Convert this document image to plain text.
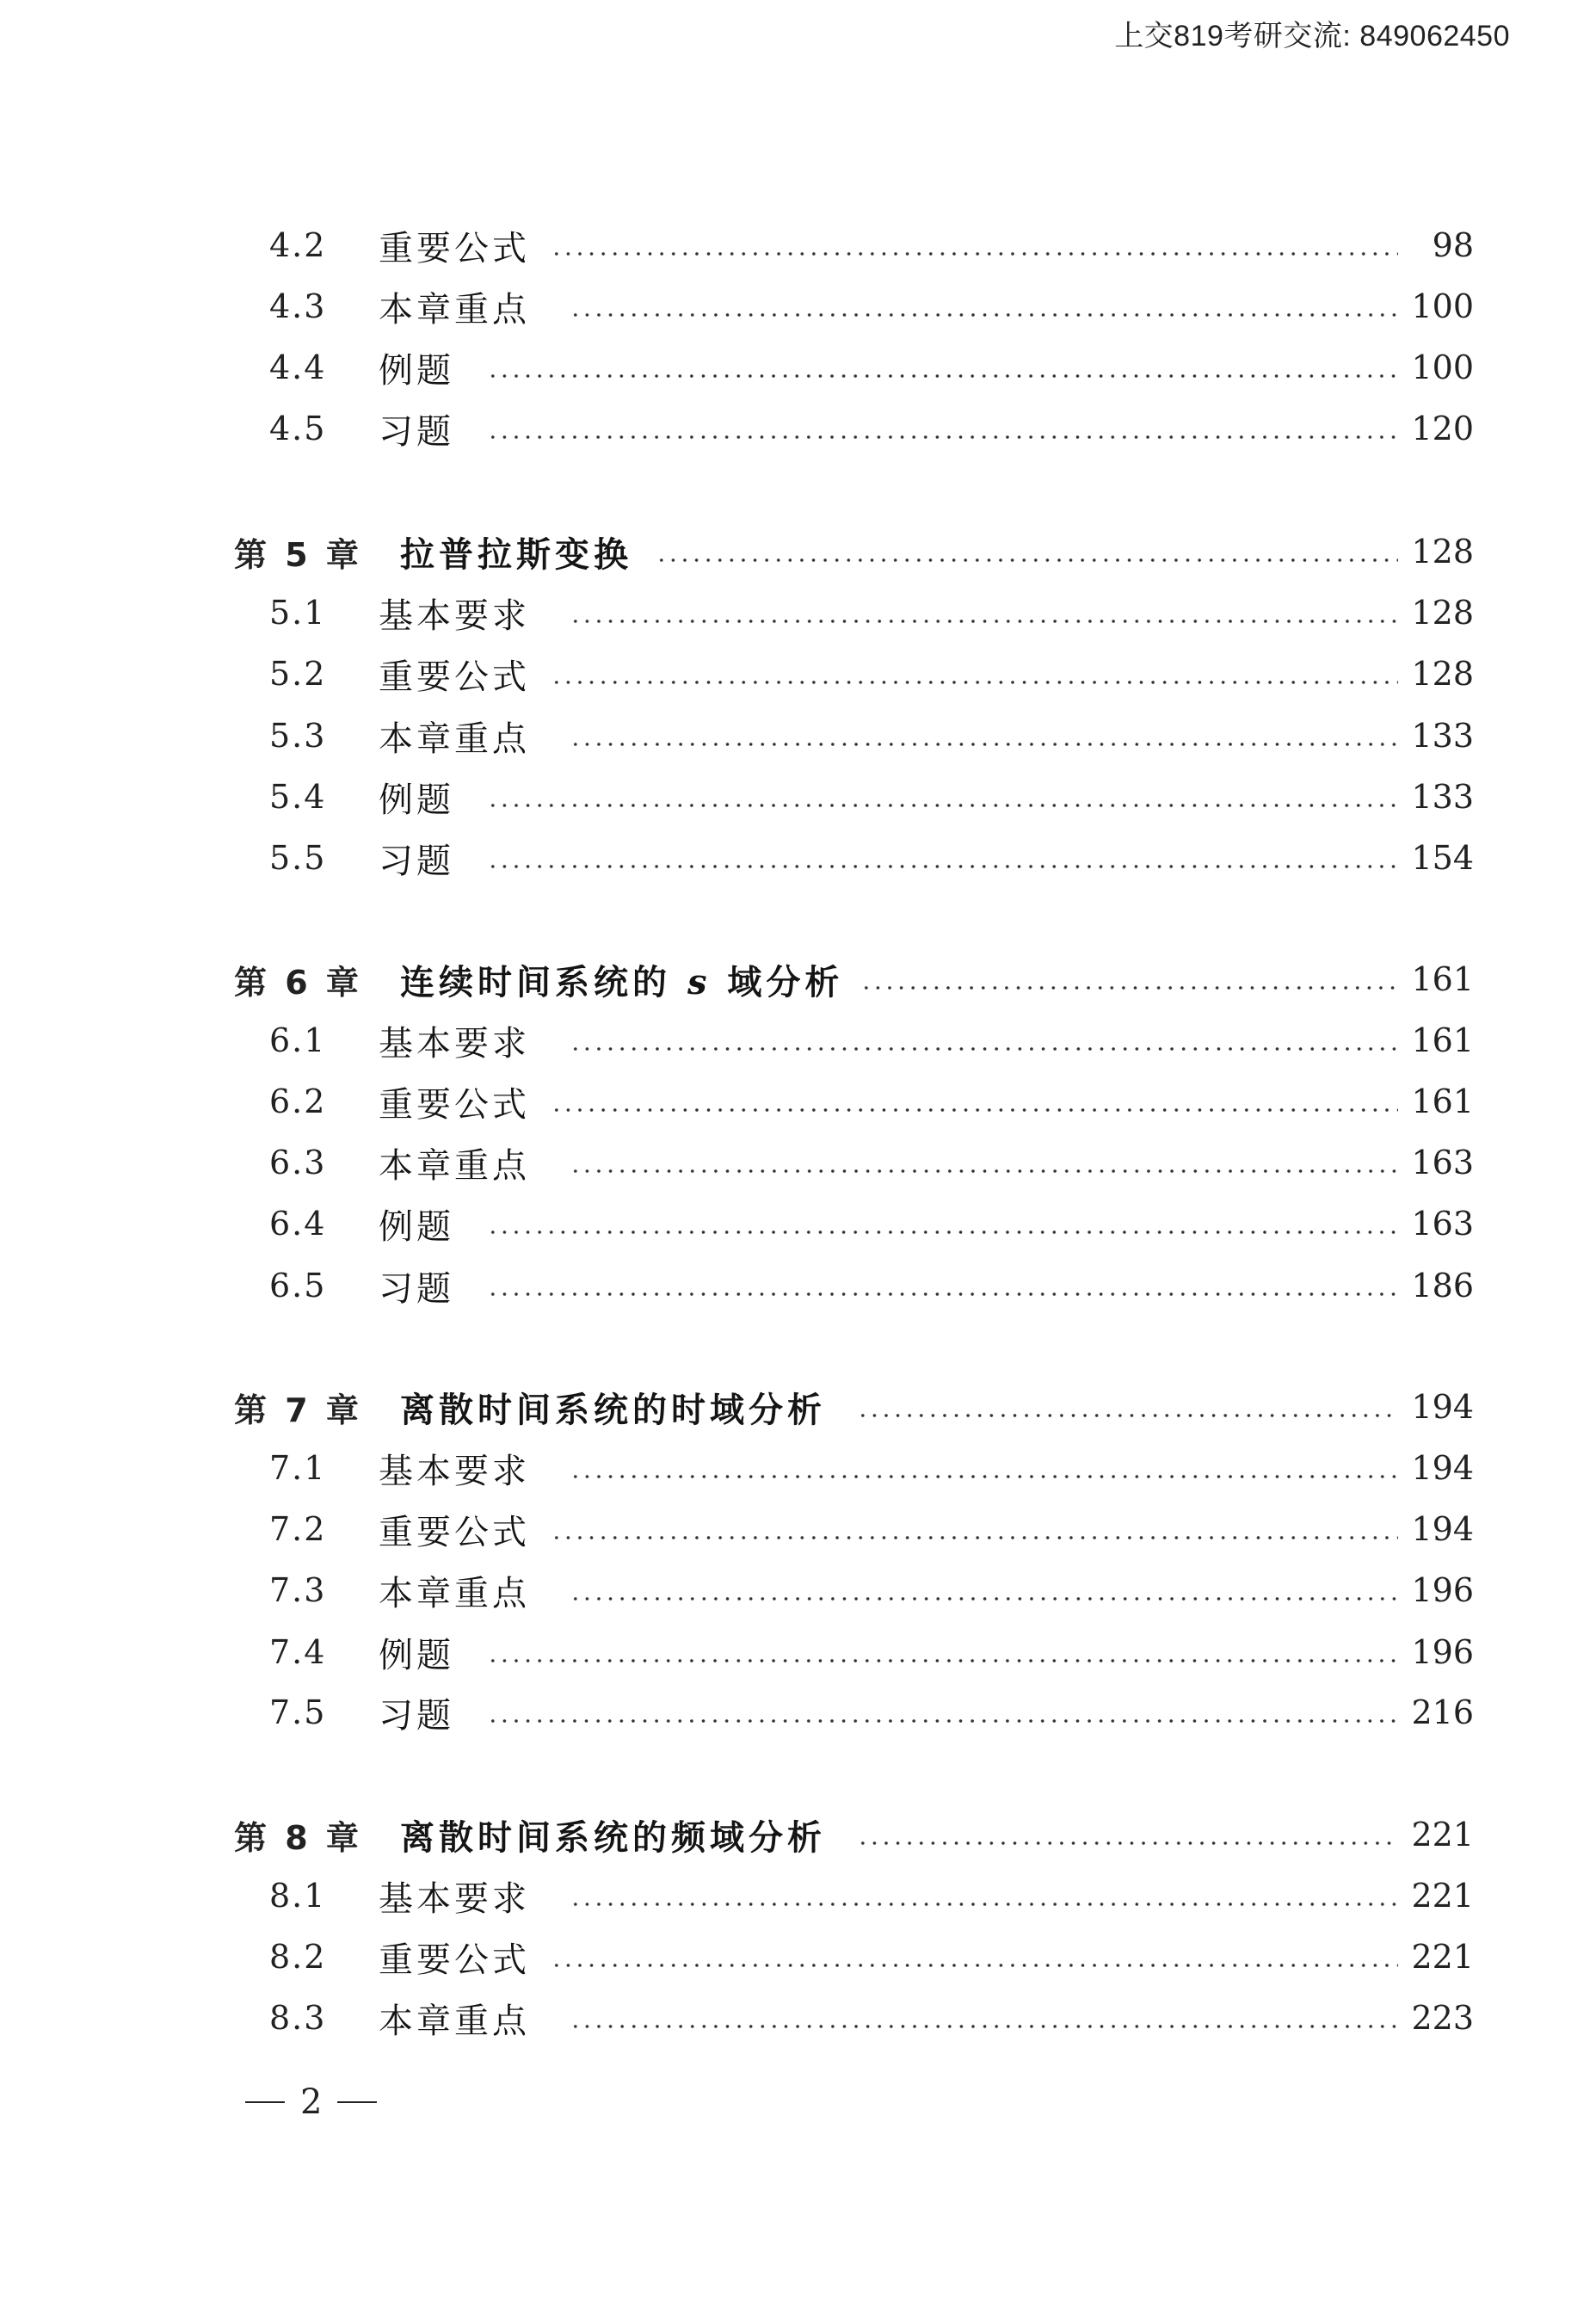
上交819考研交流: 849062450
4.2 重要公式	98
4.3 本章重点	100
4.4 例题	100
4.5 习题	120
第 5 章 拉普拉斯变换	128
5.1 基本要求	128
5.2 重要公式	128
5.3 本章重点	133
5.4 例题	133
5.5 习题	154
第 6 章 连续时间系统的 s 域分析	161
6.1 基本要求	161
6.2 重要公式	161
6.3 本章重点	163
6.4 例题	163
6.5 习题	186
第 7 章 离散时间系统的时域分析	194
7.1 基本要求	194
7.2 重要公式	194
7.3 本章重点	196
7.4 例题	196
7.5 习题	216
第 8 章 离散时间系统的频域分析	221
8.1 基本要求	221
8.2 重要公式	221
8.3 本章重点	223
2
